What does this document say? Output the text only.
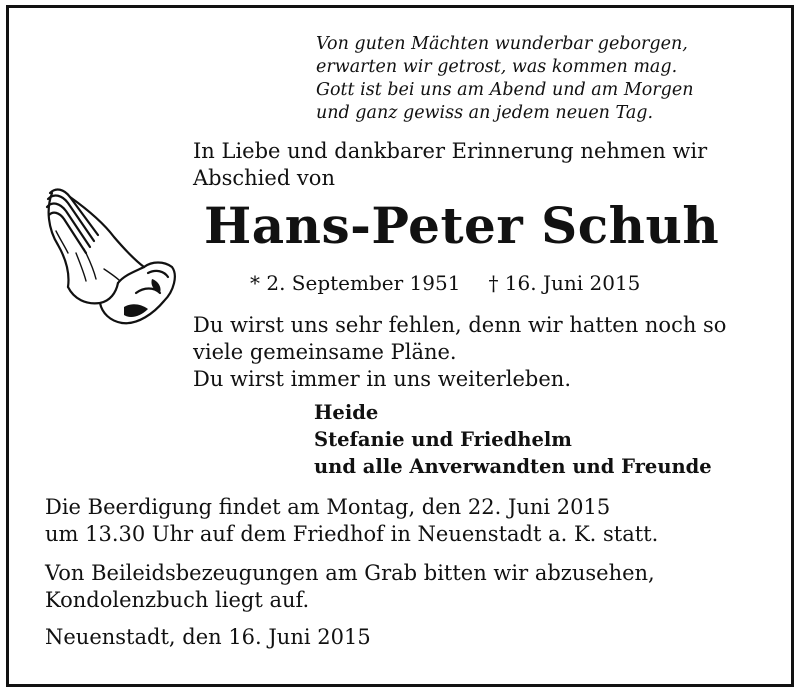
Von guten Mächten wunderbar geborgen,
erwarten wir getrost, was kommen mag.
Gott ist bei uns am Abend und am Morgen
und ganz gewiss an jedem neuen Tag.
In Liebe und dankbarer Erinnerung nehmen wir
Abschied von
Hans-Peter Schuh
* 2. September 1951 † 16. Juni 2015
Du wirst uns sehr fehlen, denn wir hatten noch so
viele gemeinsame Pläne.
Du wirst immer in uns weiterleben.
Heide
Stefanie und Friedhelm
und alle Anverwandten und Freunde
Die Beerdigung findet am Montag, den 22. Juni 2015
um 13.30 Uhr auf dem Friedhof in Neuenstadt a. K. statt.
Von Beileidsbezeugungen am Grab bitten wir abzusehen,
Kondolenzbuch liegt auf.
Neuenstadt, den 16. Juni 2015
